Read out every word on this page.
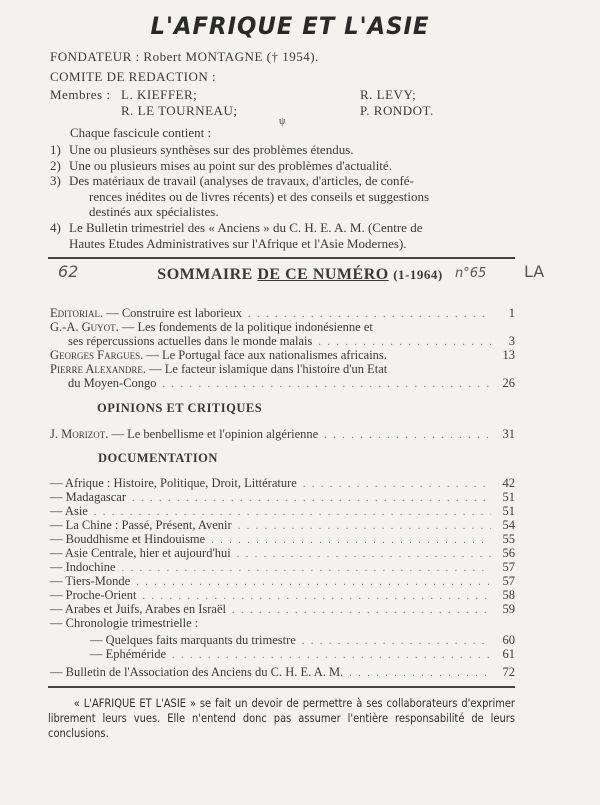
L'AFRIQUE ET L'ASIE
FONDATEUR : Robert MONTAGNE († 1954).
COMITE DE REDACTION :
Membres : L. KIEFFER;	R. LEVY;
R. LE TOURNEAU;	P. RONDOT.
ψ
Chaque fascicule contient :
1) Une ou plusieurs synthèses sur des problèmes étendus.
2) Une ou plusieurs mises au point sur des problèmes d'actualité.
3) Des matériaux de travail (analyses de travaux, d'articles, de confé-
rences inédites ou de livres récents) et des conseils et suggestions
destinés aux spécialistes.
4) Le Bulletin trimestriel des « Anciens » du C. H. E. A. M. (Centre de
Hautes Etudes Administratives sur l'Afrique et l'Asie Modernes).
62	n°65 LA
SOMMAIRE DE CE NUMÉRO (1-1964)
Editorial. — Construire est laborieux . . .	1
G.-A. Guyot. — Les fondements de la politique indonésienne et
ses répercussions actuelles dans le monde malais . . .	3
Georges Fargues. — Le Portugal face aux nationalismes africains.	13
Pierre Alexandre. — Le facteur islamique dans l'histoire d'un Etat
du Moyen-Congo . . .	26
OPINIONS ET CRITIQUES
J. Morizot. — Le benbellisme et l'opinion algérienne . . .	31
DOCUMENTATION
— Afrique : Histoire, Politique, Droit, Littérature . . .	42
— Madagascar . . .	51
— Asie . . .	51
— La Chine : Passé, Présent, Avenir . . .	54
— Bouddhisme et Hindouisme . . .	55
— Asie Centrale, hier et aujourd'hui . . .	56
— Indochine . . .	57
— Tiers-Monde . . .	57
— Proche-Orient . . .	58
— Arabes et Juifs, Arabes en Israël . . .	59
— Chronologie trimestrielle :
— Quelques faits marquants du trimestre . . .	60
— Ephéméride . . .	61
— Bulletin de l'Association des Anciens du C. H. E. A. M. . . .	72
« L'AFRIQUE ET L'ASIE » se fait un devoir de permettre à ses collaborateurs d'exprimer librement leurs vues. Elle n'entend donc pas assumer l'entière responsabilité de leurs conclusions.
